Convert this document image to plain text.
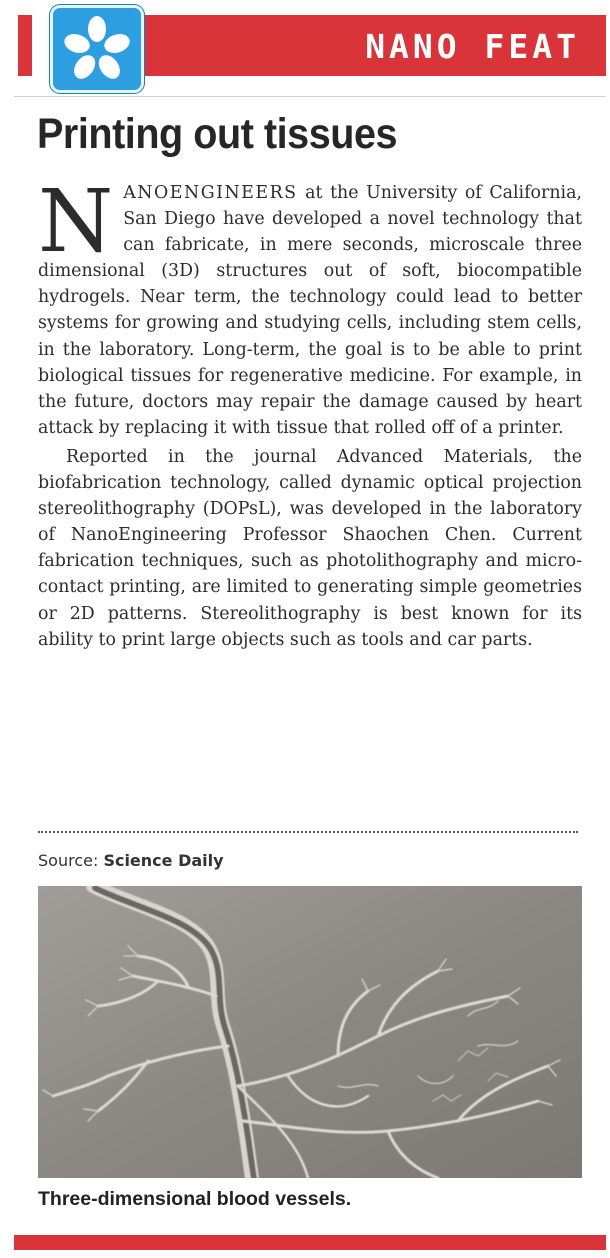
NANO FEAT
Printing out tissues

NANOENGINEERS at the University of California, San Diego have developed a novel technology that can fabricate, in mere seconds, microscale three dimensional (3D) structures out of soft, biocompatible hydrogels. Near term, the technology could lead to better systems for growing and studying cells, including stem cells, in the laboratory. Long-term, the goal is to be able to print biological tissues for regenerative medicine. For example, in the future, doctors may repair the damage caused by heart attack by replacing it with tissue that rolled off of a printer.

Reported in the journal Advanced Materials, the biofabrication technology, called dynamic optical projection stereolithography (DOPsL), was developed in the laboratory of NanoEngineering Professor Shaochen Chen. Current fabrication techniques, such as photolithography and micro-contact printing, are limited to generating simple geometries or 2D patterns. Stereolithography is best known for its ability to print large objects such as tools and car parts.

Source: Science Daily
Three-dimensional blood vessels.
